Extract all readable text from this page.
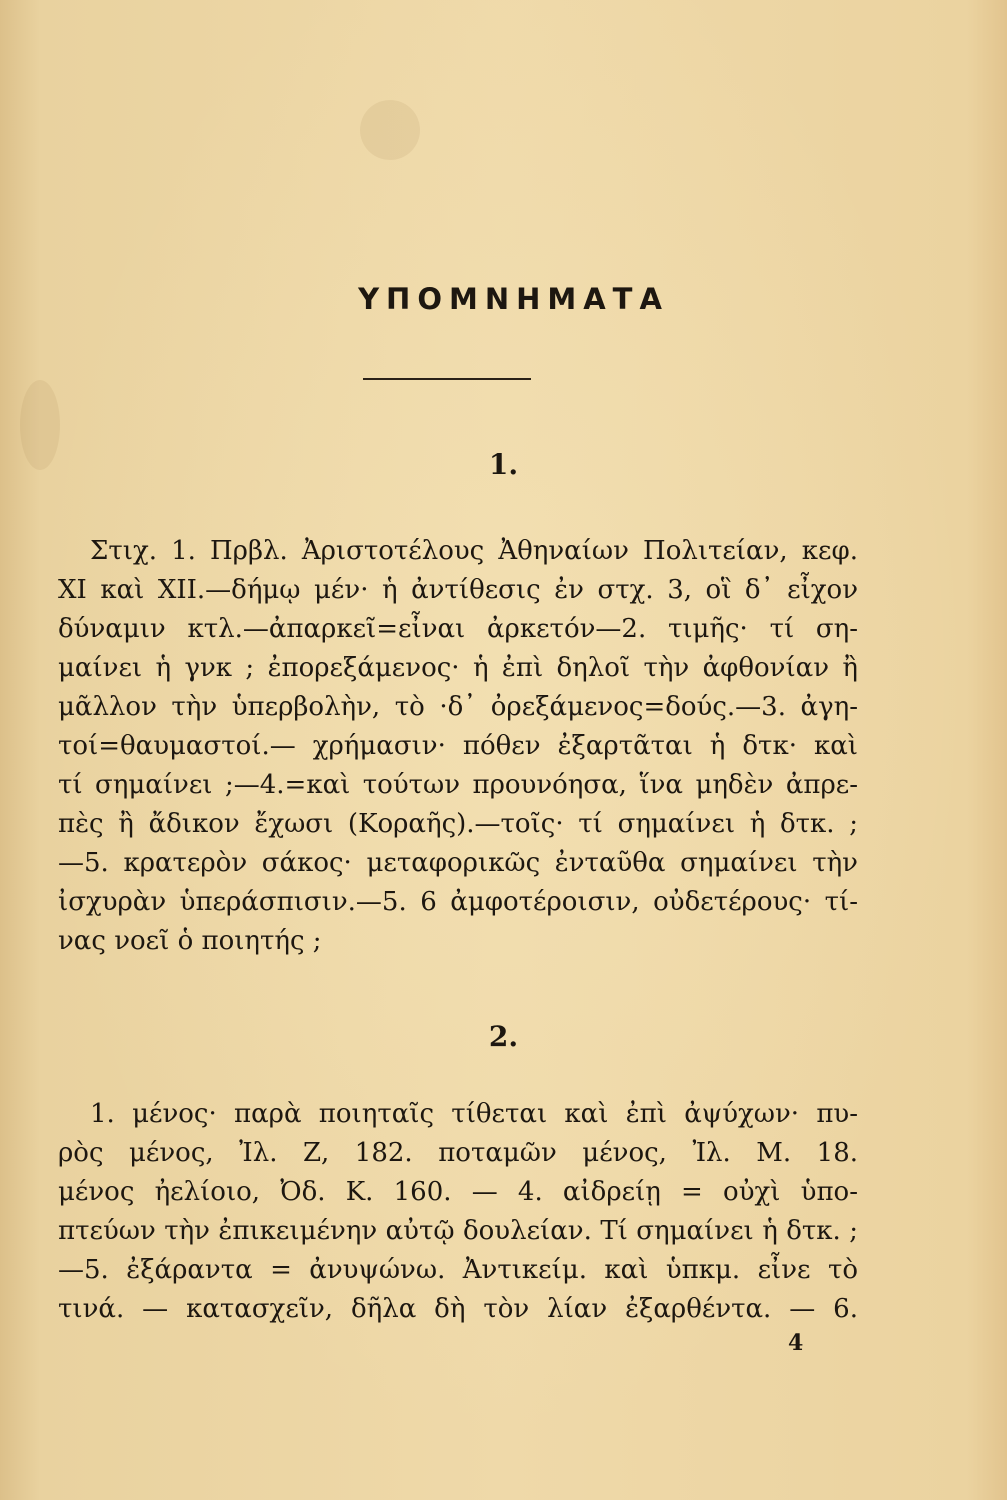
ΥΠΟΜΝΗΜΑΤΑ
1.
Στιχ. 1. Πρβλ. Ἀριστοτέλους Ἀθηναίων Πολιτείαν, κεφ.
XI καὶ XII.—δήμῳ μέν· ἡ ἀντίθεσις ἐν στχ. 3, οἳ δ᾽ εἶχον
δύναμιν κτλ.—ἀπαρκεῖ=εἶναι ἀρκετόν—2. τιμῆς· τί ση-
μαίνει ἡ γνκ ; ἐπορεξάμενος· ἡ ἐπὶ δηλοῖ τὴν ἀφθονίαν ἢ
μᾶλλον τὴν ὑπερβολὴν, τὸ ·δ᾽ ὀρεξάμενος=δούς.—3. ἀγη-
τοί=θαυμαστοί.— χρήμασιν· πόθεν ἐξαρτᾶται ἡ δτκ· καὶ
τί σημαίνει ;—4.=καὶ τούτων προυνόησα, ἵνα μηδὲν ἀπρε-
πὲς ἢ ἄδικον ἔχωσι (Κοραῆς).—τοῖς· τί σημαίνει ἡ δτκ. ;
—5. κρατερὸν σάκος· μεταφορικῶς ἐνταῦθα σημαίνει τὴν
ἰσχυρὰν ὑπεράσπισιν.—5. 6 ἀμφοτέροισιν, οὐδετέρους· τί-
νας νοεῖ ὁ ποιητής ;
2.
1. μένος· παρὰ ποιηταῖς τίθεται καὶ ἐπὶ ἀψύχων· πυ-
ρὸς μένος, Ἰλ. Ζ, 182. ποταμῶν μένος, Ἰλ. Μ. 18.
μένος ἠελίοιο, Ὀδ. Κ. 160. — 4. αἰδρείῃ = οὐχὶ ὑπο-
πτεύων τὴν ἐπικειμένην αὐτῷ δουλείαν. Τί σημαίνει ἡ δτκ. ;
—5. ἐξάραντα = ἀνυψώνω. Ἀντικείμ. καὶ ὑπκμ. εἶνε τὸ
τινά. — κατασχεῖν, δῆλα δὴ τὸν λίαν ἐξαρθέντα. — 6.
4
